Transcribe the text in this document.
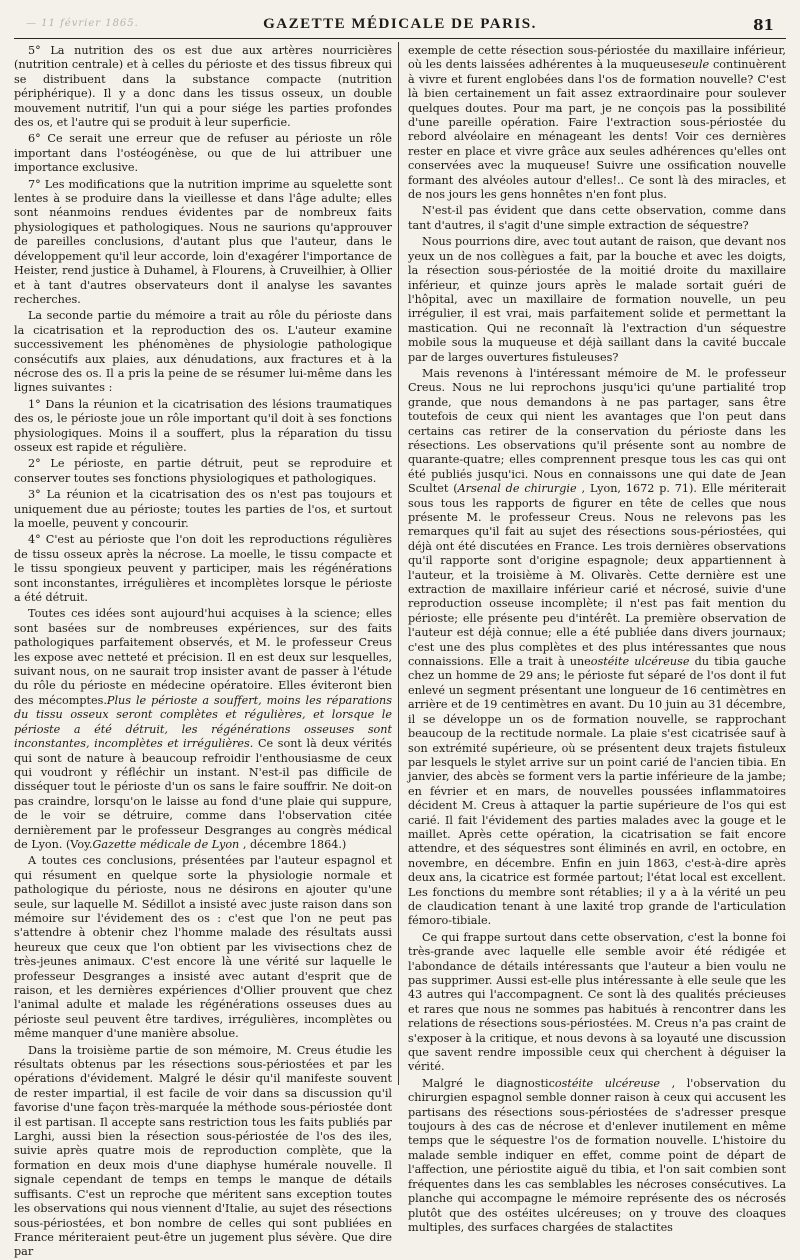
— 11 février 1865.	GAZETTE MÉDICALE DE PARIS.	81

5° La nutrition des os est due aux artères nourricières (nutrition centrale) et à celles du périoste et des tissus fibreux qui se distribuent dans la substance compacte (nutrition périphérique). Il y a donc dans les tissus osseux, un double mouvement nutritif, l'un qui a pour siége les parties profondes des os, et l'autre qui se produit à leur superficie.

6° Ce serait une erreur que de refuser au périoste un rôle important dans l'ostéogénèse, ou que de lui attribuer une importance exclusive.

7° Les modifications que la nutrition imprime au squelette sont lentes à se produire dans la vieillesse et dans l'âge adulte; elles sont néanmoins rendues évidentes par de nombreux faits physiologiques et pathologiques. Nous ne saurions qu'approuver de pareilles conclusions, d'autant plus que l'auteur, dans le développement qu'il leur accorde, loin d'exagérer l'importance de Heister, rend justice à Duhamel, à Flourens, à Cruveilhier, à Ollier et à tant d'autres observateurs dont il analyse les savantes recherches.

La seconde partie du mémoire a trait au rôle du périoste dans la cicatrisation et la reproduction des os. L'auteur examine successivement les phénomènes de physiologie pathologique consécutifs aux plaies, aux dénudations, aux fractures et à la nécrose des os. Il a pris la peine de se résumer lui-même dans les lignes suivantes :

1° Dans la réunion et la cicatrisation des lésions traumatiques des os, le périoste joue un rôle important qu'il doit à ses fonctions physiologiques. Moins il a souffert, plus la réparation du tissu osseux est rapide et régulière.

2° Le périoste, en partie détruit, peut se reproduire et conserver toutes ses fonctions physiologiques et pathologiques.

3° La réunion et la cicatrisation des os n'est pas toujours et uniquement due au périoste; toutes les parties de l'os, et surtout la moelle, peuvent y concourir.

4° C'est au périoste que l'on doit les reproductions régulières de tissu osseux après la nécrose. La moelle, le tissu compacte et le tissu spongieux peuvent y participer, mais les régénérations sont inconstantes, irrégulières et incomplètes lorsque le périoste a été détruit.

Toutes ces idées sont aujourd'hui acquises à la science; elles sont basées sur de nombreuses expériences, sur des faits pathologiques parfaitement observés, et M. le professeur Creus les expose avec netteté et précision. Il en est deux sur lesquelles, suivant nous, on ne saurait trop insister avant de passer à l'étude du rôle du périoste en médecine opératoire. Elles éviteront bien des mécomptes.Plus le périoste a souffert, moins les réparations du tissu osseux seront complètes et régulières, et lorsque le périoste a été détruit, les régénérations osseuses sont inconstantes, incomplètes et irrégulières. Ce sont là deux vérités qui sont de nature à beaucoup refroidir l'enthousiasme de ceux qui voudront y réfléchir un instant. N'est-il pas difficile de disséquer tout le périoste d'un os sans le faire souffrir. Ne doit-on pas craindre, lorsqu'on le laisse au fond d'une plaie qui suppure, de le voir se détruire, comme dans l'observation citée dernièrement par le professeur Desgranges au congrès médical de Lyon. (Voy.Gazette médicale de Lyon , décembre 1864.)

A toutes ces conclusions, présentées par l'auteur espagnol et qui résument en quelque sorte la physiologie normale et pathologique du périoste, nous ne désirons en ajouter qu'une seule, sur laquelle M. Sédillot a insisté avec juste raison dans son mémoire sur l'évidement des os : c'est que l'on ne peut pas s'attendre à obtenir chez l'homme malade des résultats aussi heureux que ceux que l'on obtient par les vivisections chez de très-jeunes animaux. C'est encore là une vérité sur laquelle le professeur Desgranges a insisté avec autant d'esprit que de raison, et les dernières expériences d'Ollier prouvent que chez l'animal adulte et malade les régénérations osseuses dues au périoste seul peuvent être tardives, irrégulières, incomplètes ou même manquer d'une manière absolue.

Dans la troisième partie de son mémoire, M. Creus étudie les résultats obtenus par les résections sous-périostées et par les opérations d'évidement. Malgré le désir qu'il manifeste souvent de rester impartial, il est facile de voir dans sa discussion qu'il favorise d'une façon très-marquée la méthode sous-périostée dont il est partisan. Il accepte sans restriction tous les faits publiés par Larghi, aussi bien la résection sous-périostée de l'os des iles, suivie après quatre mois de reproduction complète, que la formation en deux mois d'une diaphyse humérale nouvelle. Il signale cependant de temps en temps le manque de détails suffisants. C'est un reproche que méritent sans exception toutes les observations qui nous viennent d'Italie, au sujet des résections sous-périostées, et bon nombre de celles qui sont publiées en France mériteraient peut-être un jugement plus sévère. Que dire par

exemple de cette résection sous-périostée du maxillaire inférieur, où les dents laissées adhérentes à la muqueuseseule continuèrent à vivre et furent englobées dans l'os de formation nouvelle? C'est là bien certainement un fait assez extraordinaire pour soulever quelques doutes. Pour ma part, je ne conçois pas la possibilité d'une pareille opération. Faire l'extraction sous-périostée du rebord alvéolaire en ménageant les dents! Voir ces dernières rester en place et vivre grâce aux seules adhérences qu'elles ont conservées avec la muqueuse! Suivre une ossification nouvelle formant des alvéoles autour d'elles!.. Ce sont là des miracles, et de nos jours les gens honnêtes n'en font plus.

N'est-il pas évident que dans cette observation, comme dans tant d'autres, il s'agit d'une simple extraction de séquestre?

Nous pourrions dire, avec tout autant de raison, que devant nos yeux un de nos collègues a fait, par la bouche et avec les doigts, la résection sous-périostée de la moitié droite du maxillaire inférieur, et quinze jours après le malade sortait guéri de l'hôpital, avec un maxillaire de formation nouvelle, un peu irrégulier, il est vrai, mais parfaitement solide et permettant la mastication. Qui ne reconnaît là l'extraction d'un séquestre mobile sous la muqueuse et déjà saillant dans la cavité buccale par de larges ouvertures fistuleuses?

Mais revenons à l'intéressant mémoire de M. le professeur Creus. Nous ne lui reprochons jusqu'ici qu'une partialité trop grande, que nous demandons à ne pas partager, sans être toutefois de ceux qui nient les avantages que l'on peut dans certains cas retirer de la conservation du périoste dans les résections. Les observations qu'il présente sont au nombre de quarante-quatre; elles comprennent presque tous les cas qui ont été publiés jusqu'ici. Nous en connaissons une qui date de Jean Scultet (Arsenal de chirurgie , Lyon, 1672 p. 71). Elle mériterait sous tous les rapports de figurer en tête de celles que nous présente M. le professeur Creus. Nous ne relevons pas les remarques qu'il fait au sujet des résections sous-périostées, qui déjà ont été discutées en France. Les trois dernières observations qu'il rapporte sont d'origine espagnole; deux appartiennent à l'auteur, et la troisième à M. Olivarès. Cette dernière est une extraction de maxillaire inférieur carié et nécrosé, suivie d'une reproduction osseuse incomplète; il n'est pas fait mention du périoste; elle présente peu d'intérêt. La première observation de l'auteur est déjà connue; elle a été publiée dans divers journaux; c'est une des plus complètes et des plus intéressantes que nous connaissions. Elle a trait à uneostéite ulcéreuse du tibia gauche chez un homme de 29 ans; le périoste fut séparé de l'os dont il fut enlevé un segment présentant une longueur de 16 centimètres en arrière et de 19 centimètres en avant. Du 10 juin au 31 décembre, il se développe un os de formation nouvelle, se rapprochant beaucoup de la rectitude normale. La plaie s'est cicatrisée sauf à son extrémité supérieure, où se présentent deux trajets fistuleux par lesquels le stylet arrive sur un point carié de l'ancien tibia. En janvier, des abcès se forment vers la partie inférieure de la jambe; en février et en mars, de nouvelles poussées inflammatoires décident M. Creus à attaquer la partie supérieure de l'os qui est carié. Il fait l'évidement des parties malades avec la gouge et le maillet. Après cette opération, la cicatrisation se fait encore attendre, et des séquestres sont éliminés en avril, en octobre, en novembre, en décembre. Enfin en juin 1863, c'est-à-dire après deux ans, la cicatrice est formée partout; l'état local est excellent. Les fonctions du membre sont rétablies; il y a à la vérité un peu de claudication tenant à une laxité trop grande de l'articulation fémoro-tibiale.

Ce qui frappe surtout dans cette observation, c'est la bonne foi très-grande avec laquelle elle semble avoir été rédigée et l'abondance de détails intéressants que l'auteur a bien voulu ne pas supprimer. Aussi est-elle plus intéressante à elle seule que les 43 autres qui l'accompagnent. Ce sont là des qualités précieuses et rares que nous ne sommes pas habitués à rencontrer dans les relations de résections sous-périostées. M. Creus n'a pas craint de s'exposer à la critique, et nous devons à sa loyauté une discussion que savent rendre impossible ceux qui cherchent à déguiser la vérité.

Malgré le diagnosticostéite ulcéreuse , l'observation du chirurgien espagnol semble donner raison à ceux qui accusent les partisans des résections sous-périostées de s'adresser presque toujours à des cas de nécrose et d'enlever inutilement en même temps que le séquestre l'os de formation nouvelle. L'histoire du malade semble indiquer en effet, comme point de départ de l'affection, une périostite aiguë du tibia, et l'on sait combien sont fréquentes dans les cas semblables les nécroses consécutives. La planche qui accompagne le mémoire représente des os nécrosés plutôt que des ostéites ulcéreuses; on y trouve des cloaques multiples, des surfaces chargées de stalactites
